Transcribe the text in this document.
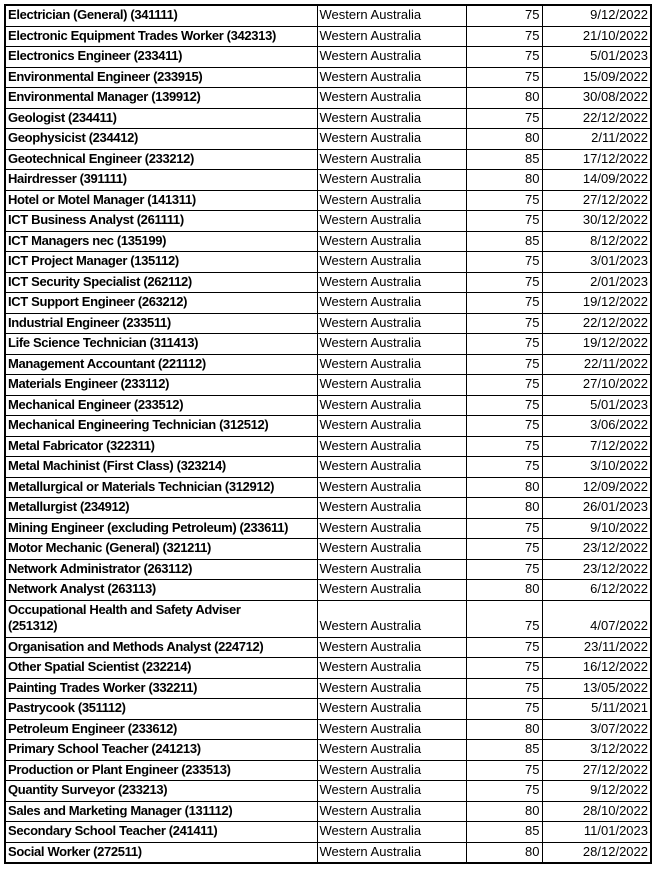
Electrician (General) (341111)	Western Australia	75	9/12/2022
Electronic Equipment Trades Worker (342313)	Western Australia	75	21/10/2022
Electronics Engineer (233411)	Western Australia	75	5/01/2023
Environmental Engineer (233915)	Western Australia	75	15/09/2022
Environmental Manager (139912)	Western Australia	80	30/08/2022
Geologist (234411)	Western Australia	75	22/12/2022
Geophysicist (234412)	Western Australia	80	2/11/2022
Geotechnical Engineer (233212)	Western Australia	85	17/12/2022
Hairdresser (391111)	Western Australia	80	14/09/2022
Hotel or Motel Manager (141311)	Western Australia	75	27/12/2022
ICT Business Analyst (261111)	Western Australia	75	30/12/2022
ICT Managers nec (135199)	Western Australia	85	8/12/2022
ICT Project Manager (135112)	Western Australia	75	3/01/2023
ICT Security Specialist (262112)	Western Australia	75	2/01/2023
ICT Support Engineer (263212)	Western Australia	75	19/12/2022
Industrial Engineer (233511)	Western Australia	75	22/12/2022
Life Science Technician (311413)	Western Australia	75	19/12/2022
Management Accountant (221112)	Western Australia	75	22/11/2022
Materials Engineer (233112)	Western Australia	75	27/10/2022
Mechanical Engineer (233512)	Western Australia	75	5/01/2023
Mechanical Engineering Technician (312512)	Western Australia	75	3/06/2022
Metal Fabricator (322311)	Western Australia	75	7/12/2022
Metal Machinist (First Class) (323214)	Western Australia	75	3/10/2022
Metallurgical or Materials Technician (312912)	Western Australia	80	12/09/2022
Metallurgist (234912)	Western Australia	80	26/01/2023
Mining Engineer (excluding Petroleum) (233611)	Western Australia	75	9/10/2022
Motor Mechanic (General) (321211)	Western Australia	75	23/12/2022
Network Administrator (263112)	Western Australia	75	23/12/2022
Network Analyst (263113)	Western Australia	80	6/12/2022
Occupational Health and Safety Adviser
(251312)	Western Australia	75	4/07/2022
Organisation and Methods Analyst (224712)	Western Australia	75	23/11/2022
Other Spatial Scientist (232214)	Western Australia	75	16/12/2022
Painting Trades Worker (332211)	Western Australia	75	13/05/2022
Pastrycook (351112)	Western Australia	75	5/11/2021
Petroleum Engineer (233612)	Western Australia	80	3/07/2022
Primary School Teacher (241213)	Western Australia	85	3/12/2022
Production or Plant Engineer (233513)	Western Australia	75	27/12/2022
Quantity Surveyor (233213)	Western Australia	75	9/12/2022
Sales and Marketing Manager (131112)	Western Australia	80	28/10/2022
Secondary School Teacher (241411)	Western Australia	85	11/01/2023
Social Worker (272511)	Western Australia	80	28/12/2022
